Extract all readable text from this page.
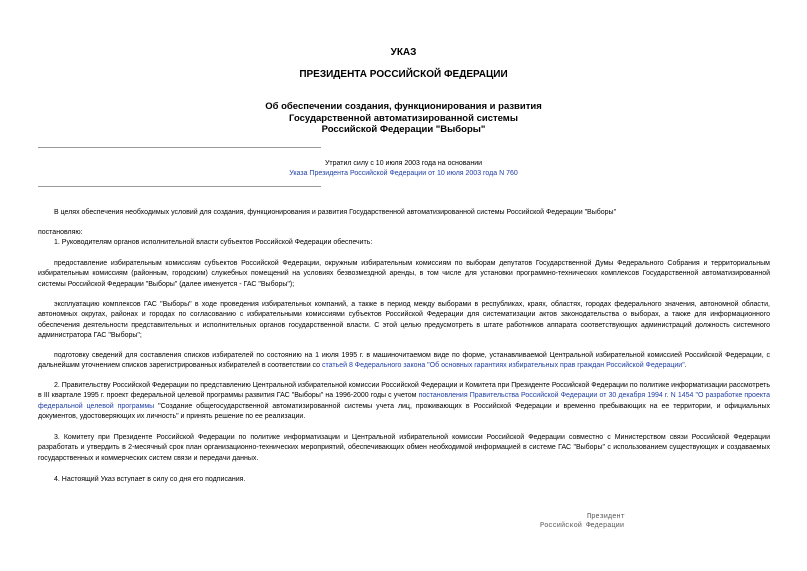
УКАЗ
ПРЕЗИДЕНТА РОССИЙСКОЙ ФЕДЕРАЦИИ
Об обеспечении создания, функционирования и развития
Государственной автоматизированной системы
Российской Федерации "Выборы"
Утратил силу с 10 июля 2003 года на основании
Указа Президента Российской Федерации от 10 июля 2003 года N 760

В целях обеспечения необходимых условий для создания, функционирования и развития Государственной автоматизированной системы Российской Федерации "Выборы"

постановляю:

1. Руководителям органов исполнительной власти субъектов Российской Федерации обеспечить:

предоставление избирательным комиссиям субъектов Российской Федерации, окружным избирательным комиссиям по выборам депутатов Государственной Думы Федерального Собрания и территориальным избирательным комиссиям (районным, городским) служебных помещений на условиях безвозмездной аренды, в том числе для установки программно-технических комплексов Государственной автоматизированной системы Российской Федерации "Выборы" (далее именуется - ГАС "Выборы");

эксплуатацию комплексов ГАС "Выборы" в ходе проведения избирательных компаний, а также в период между выборами в республиках, краях, областях, городах федерального значения, автономной области, автономных округах, районах и городах по согласованию с избирательными комиссиями субъектов Российской Федерации для систематизации актов законодательства о выборах, а также для информационного обеспечения деятельности представительных и исполнительных органов государственной власти. С этой целью предусмотреть в штате работников аппарата соответствующих администраций должность системного администратора ГАС "Выборы";

подготовку сведений для составления списков избирателей по состоянию на 1 июля 1995 г. в машиночитаемом виде по форме, устанавливаемой Центральной избирательной комиссией Российской Федерации, с дальнейшим уточнением списков зарегистрированных избирателей в соответствии со статьей 8 Федерального закона "Об основных гарантиях избирательных прав граждан Российской Федерации".

2. Правительству Российской Федерации по представлению Центральной избирательной комиссии Российской Федерации и Комитета при Президенте Российской Федерации по политике информатизации рассмотреть в III квартале 1995 г. проект федеральной целевой программы развития ГАС "Выборы" на 1996-2000 годы с учетом постановления Правительства Российской Федерации от 30 декабря 1994 г. N 1454 "О разработке проекта федеральной целевой программы "Создание общегосударственной автоматизированной системы учета лиц, проживающих в Российской Федерации и временно пребывающих на ее территории, и официальных документов, удостоверяющих их личность" и принять решение по ее реализации.

3. Комитету при Президенте Российской Федерации по политике информатизации и Центральной избирательной комиссии Российской Федерации совместно с Министерством связи Российской Федерации разработать и утвердить в 2-месячный срок план организационно-технических мероприятий, обеспечивающих обмен необходимой информацией в системе ГАС "Выборы" с использованием существующих и создаваемых государственных и коммерческих систем связи и передачи данных.

4. Настоящий Указ вступает в силу со дня его подписания.

Президент
Российской Федерации
